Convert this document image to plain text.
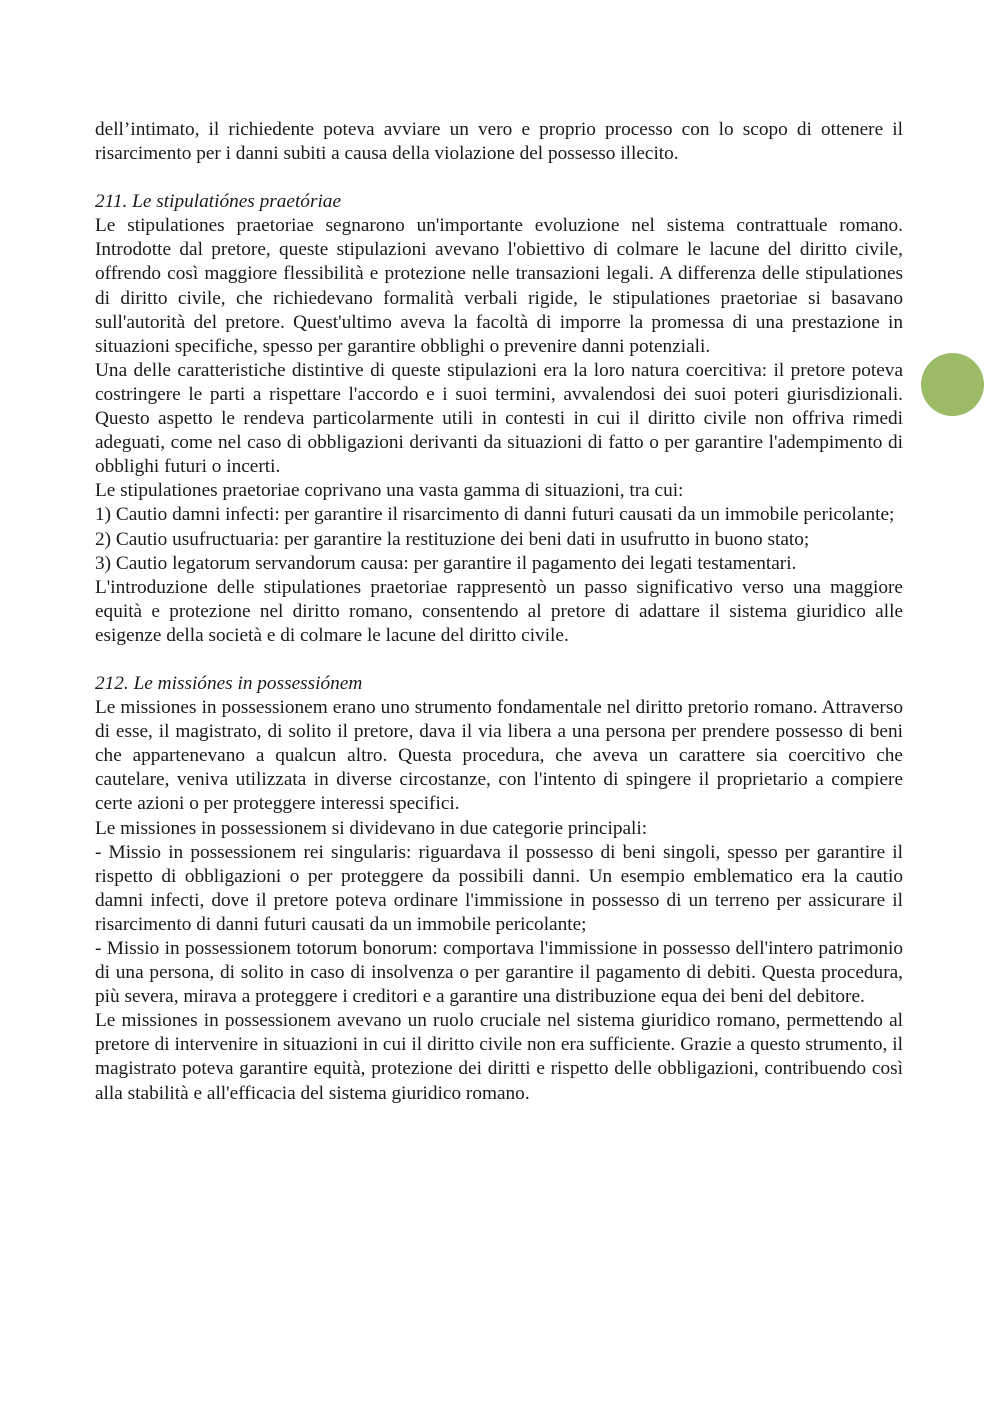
dell’intimato, il richiedente poteva avviare un vero e proprio processo con lo scopo di ottenere il risarcimento per i danni subiti a causa della violazione del possesso illecito.

211. Le stipulatiónes praetóriae

Le stipulationes praetoriae segnarono un'importante evoluzione nel sistema contrattuale romano. Introdotte dal pretore, queste stipulazioni avevano l'obiettivo di colmare le lacune del diritto civile, offrendo così maggiore flessibilità e protezione nelle transazioni legali. A differenza delle stipulationes di diritto civile, che richiedevano formalità verbali rigide, le stipulationes praetoriae si basavano sull'autorità del pretore. Quest'ultimo aveva la facoltà di imporre la promessa di una prestazione in situazioni specifiche, spesso per garantire obblighi o prevenire danni potenziali.

Una delle caratteristiche distintive di queste stipulazioni era la loro natura coercitiva: il pretore poteva costringere le parti a rispettare l'accordo e i suoi termini, avvalendosi dei suoi poteri giurisdizionali. Questo aspetto le rendeva particolarmente utili in contesti in cui il diritto civile non offriva rimedi adeguati, come nel caso di obbligazioni derivanti da situazioni di fatto o per garantire l'adempimento di obblighi futuri o incerti.

Le stipulationes praetoriae coprivano una vasta gamma di situazioni, tra cui:

1) Cautio damni infecti: per garantire il risarcimento di danni futuri causati da un immobile pericolante;

2) Cautio usufructuaria: per garantire la restituzione dei beni dati in usufrutto in buono stato;

3) Cautio legatorum servandorum causa: per garantire il pagamento dei legati testamentari.

L'introduzione delle stipulationes praetoriae rappresentò un passo significativo verso una maggiore equità e protezione nel diritto romano, consentendo al pretore di adattare il sistema giuridico alle esigenze della società e di colmare le lacune del diritto civile.

212. Le missiónes in possessiónem

Le missiones in possessionem erano uno strumento fondamentale nel diritto pretorio romano. Attraverso di esse, il magistrato, di solito il pretore, dava il via libera a una persona per prendere possesso di beni che appartenevano a qualcun altro. Questa procedura, che aveva un carattere sia coercitivo che cautelare, veniva utilizzata in diverse circostanze, con l'intento di spingere il proprietario a compiere certe azioni o per proteggere interessi specifici.

Le missiones in possessionem si dividevano in due categorie principali:

- Missio in possessionem rei singularis: riguardava il possesso di beni singoli, spesso per garantire il rispetto di obbligazioni o per proteggere da possibili danni. Un esempio emblematico era la cautio damni infecti, dove il pretore poteva ordinare l'immissione in possesso di un terreno per assicurare il risarcimento di danni futuri causati da un immobile pericolante;

- Missio in possessionem totorum bonorum: comportava l'immissione in possesso dell'intero patrimonio di una persona, di solito in caso di insolvenza o per garantire il pagamento di debiti. Questa procedura, più severa, mirava a proteggere i creditori e a garantire una distribuzione equa dei beni del debitore.

Le missiones in possessionem avevano un ruolo cruciale nel sistema giuridico romano, permettendo al pretore di intervenire in situazioni in cui il diritto civile non era sufficiente. Grazie a questo strumento, il magistrato poteva garantire equità, protezione dei diritti e rispetto delle obbligazioni, contribuendo così alla stabilità e all'efficacia del sistema giuridico romano.
